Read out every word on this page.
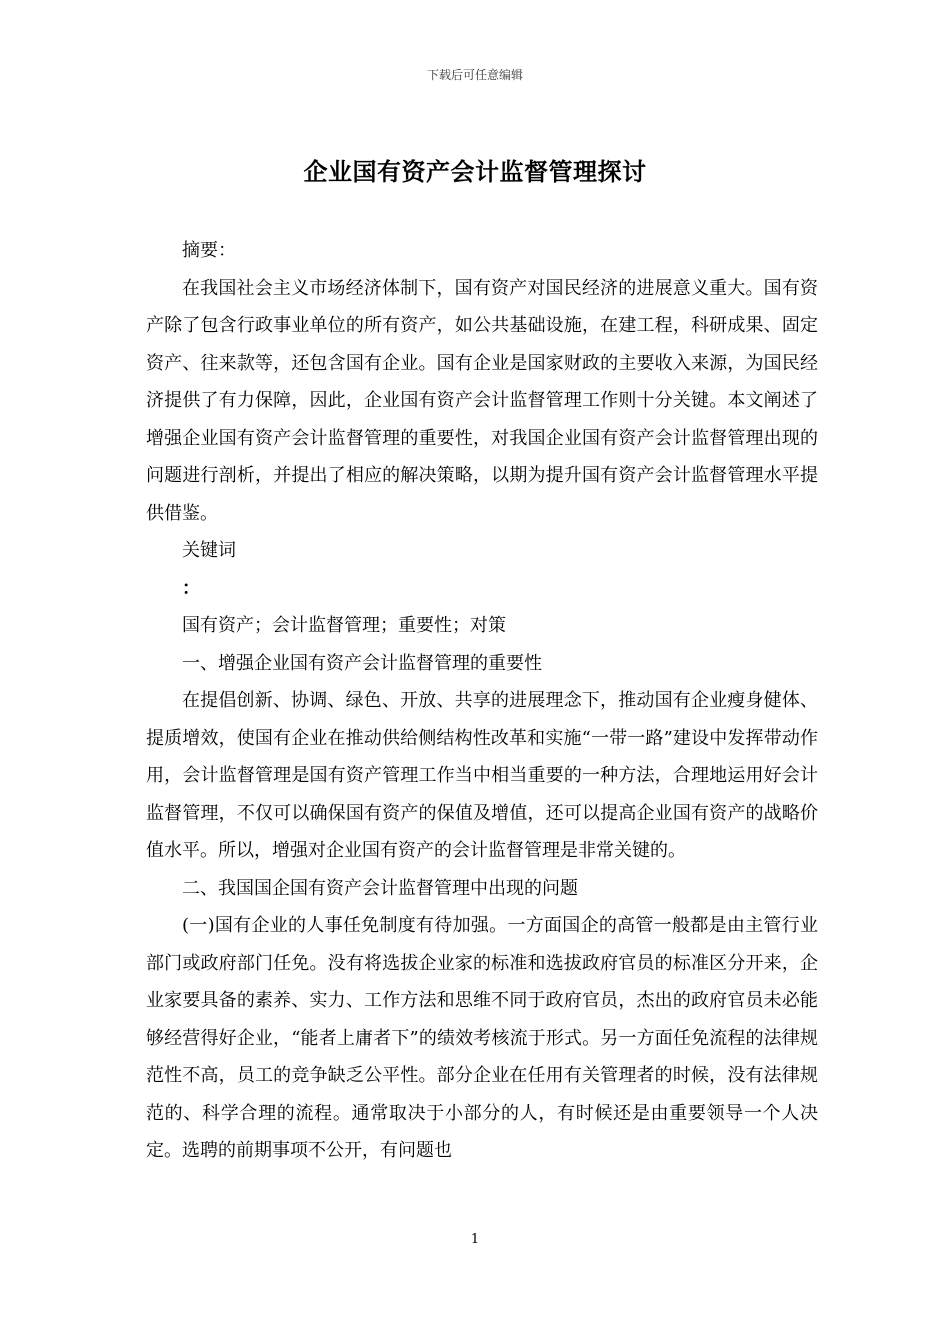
下载后可任意编辑
企业国有资产会计监督管理探讨

摘要：

在我国社会主义市场经济体制下，国有资产对国民经济的进展意义重大。国有资产除了包含行政事业单位的所有资产，如公共基础设施，在建工程，科研成果、固定资产、往来款等，还包含国有企业。国有企业是国家财政的主要收入来源，为国民经济提供了有力保障，因此，企业国有资产会计监督管理工作则十分关键。本文阐述了增强企业国有资产会计监督管理的重要性，对我国企业国有资产会计监督管理出现的问题进行剖析，并提出了相应的解决策略，以期为提升国有资产会计监督管理水平提供借鉴。

关键词

：

国有资产；会计监督管理；重要性；对策

一、增强企业国有资产会计监督管理的重要性

在提倡创新、协调、绿色、开放、共享的进展理念下，推动国有企业瘦身健体、提质增效，使国有企业在推动供给侧结构性改革和实施“一带一路”建设中发挥带动作用，会计监督管理是国有资产管理工作当中相当重要的一种方法，合理地运用好会计监督管理，不仅可以确保国有资产的保值及增值，还可以提高企业国有资产的战略价值水平。所以，增强对企业国有资产的会计监督管理是非常关键的。

二、我国国企国有资产会计监督管理中出现的问题

(一)国有企业的人事任免制度有待加强。一方面国企的高管一般都是由主管行业部门或政府部门任免。没有将选拔企业家的标准和选拔政府官员的标准区分开来，企业家要具备的素养、实力、工作方法和思维不同于政府官员，杰出的政府官员未必能够经营得好企业，“能者上庸者下”的绩效考核流于形式。另一方面任免流程的法律规范性不高，员工的竞争缺乏公平性。部分企业在任用有关管理者的时候，没有法律规范的、科学合理的流程。通常取决于小部分的人，有时候还是由重要领导一个人决定。选聘的前期事项不公开，有问题也

1
